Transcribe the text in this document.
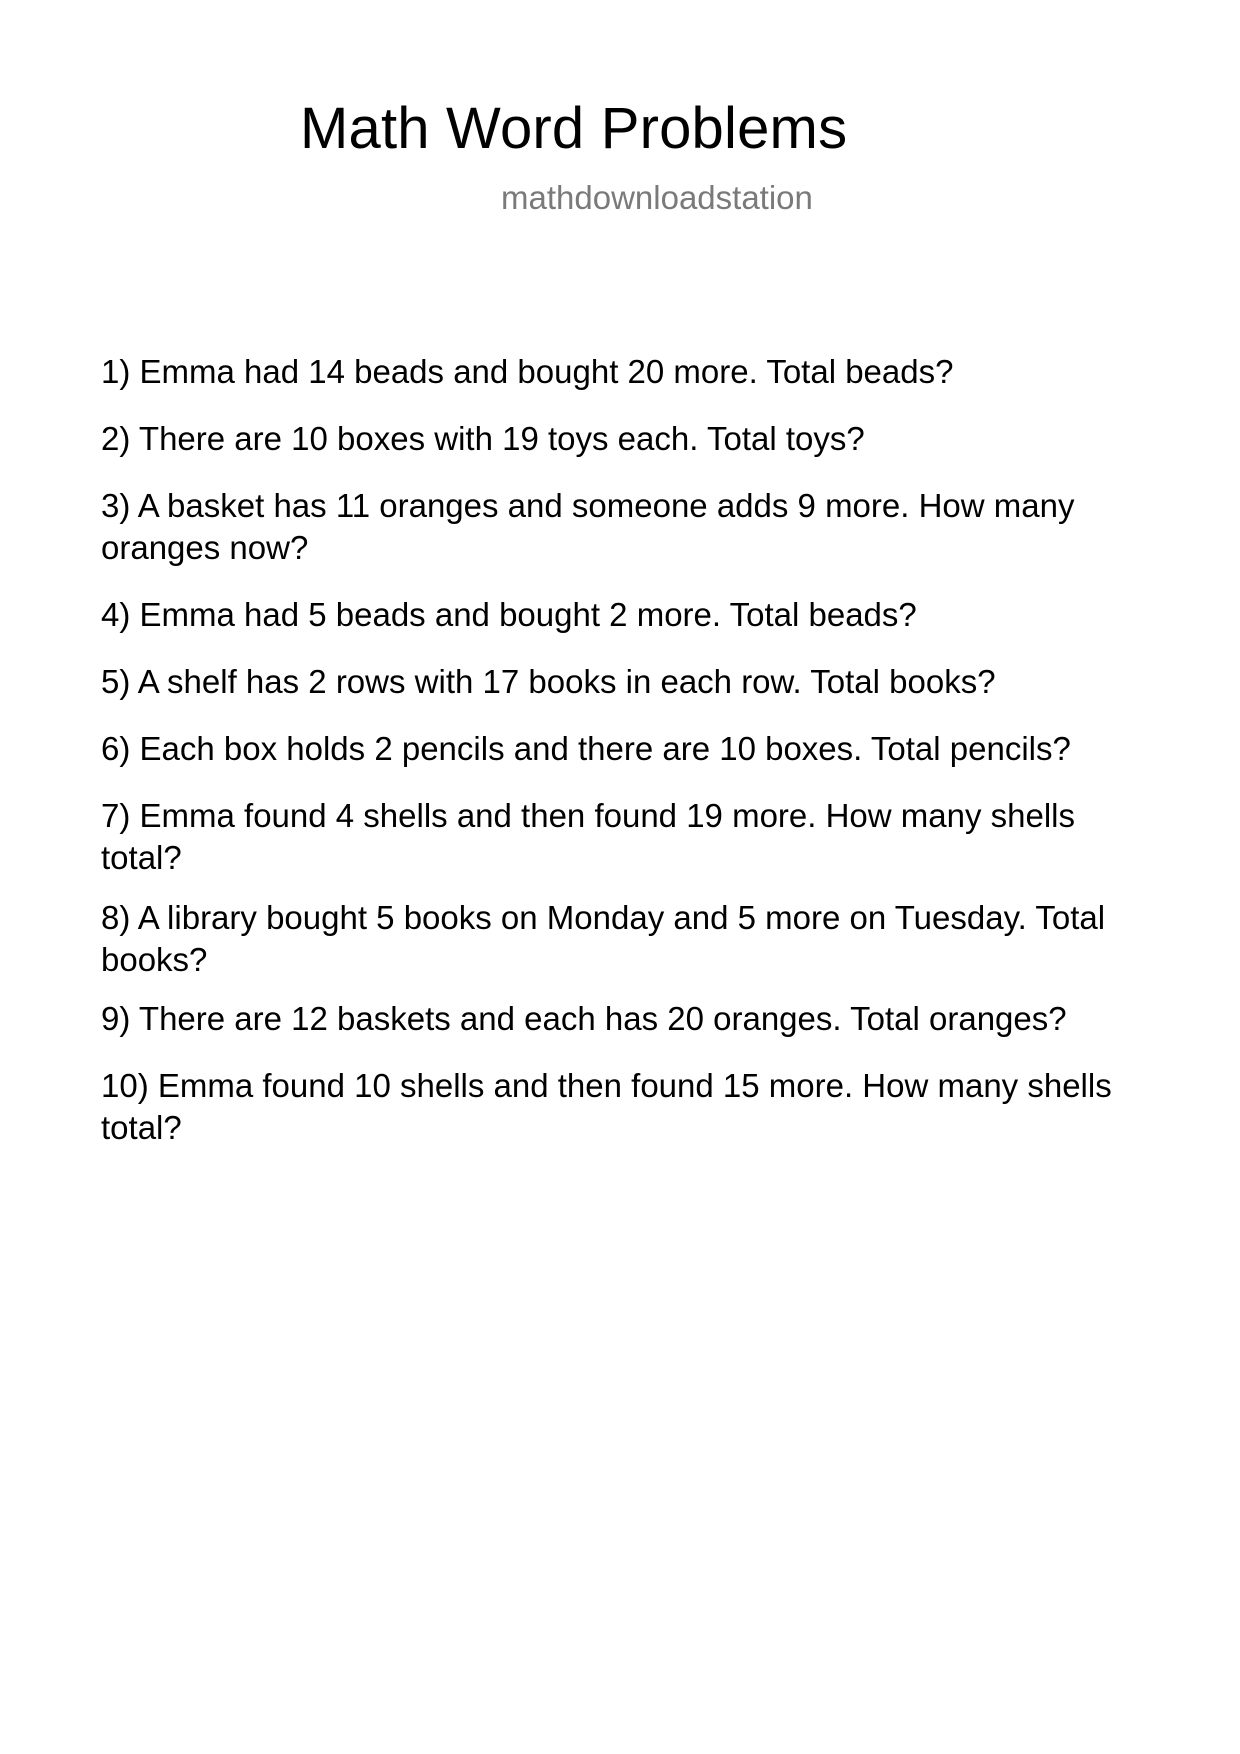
Math Word Problems
mathdownloadstation

1) Emma had 14 beads and bought 20 more. Total beads?

2) There are 10 boxes with 19 toys each. Total toys?

3) A basket has 11 oranges and someone adds 9 more. How many oranges now?

4) Emma had 5 beads and bought 2 more. Total beads?

5) A shelf has 2 rows with 17 books in each row. Total books?

6) Each box holds 2 pencils and there are 10 boxes. Total pencils?

7) Emma found 4 shells and then found 19 more. How many shells total?

8) A library bought 5 books on Monday and 5 more on Tuesday. Total books?

9) There are 12 baskets and each has 20 oranges. Total oranges?

10) Emma found 10 shells and then found 15 more. How many shells total?
